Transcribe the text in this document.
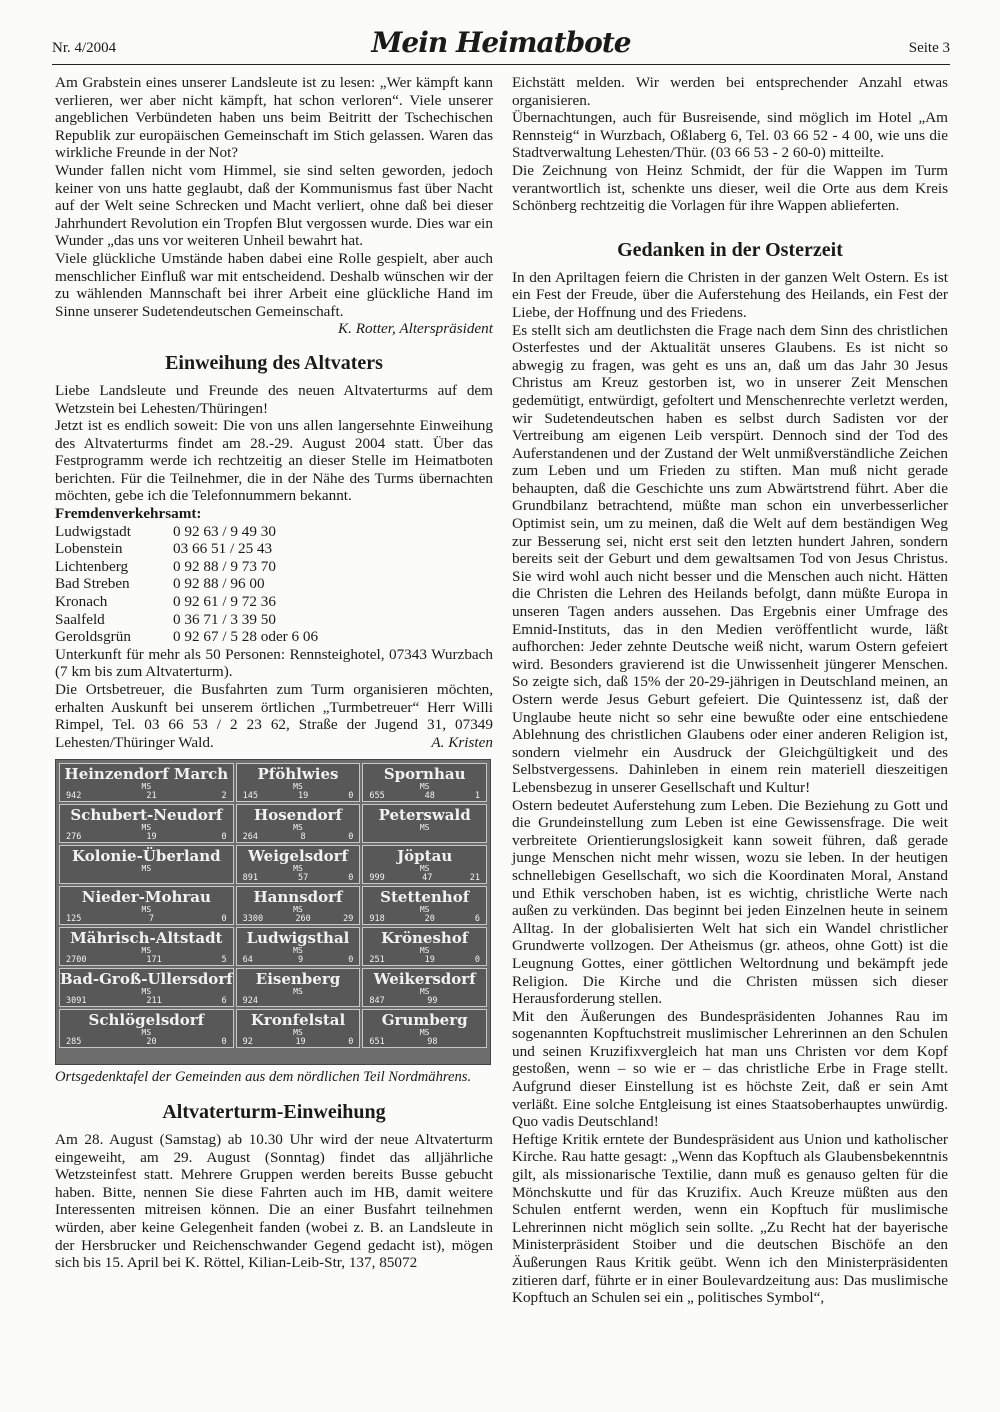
Nr. 4/2004	Mein Heimatbote	Seite 3

Am Grabstein eines unserer Landsleute ist zu lesen: „Wer kämpft kann verlieren, wer aber nicht kämpft, hat schon verloren“. Viele unserer angeblichen Verbündeten haben uns beim Beitritt der Tschechischen Republik zur europäischen Gemeinschaft im Stich gelassen. Waren das wirkliche Freunde in der Not?

Wunder fallen nicht vom Himmel, sie sind selten geworden, jedoch keiner von uns hatte geglaubt, daß der Kommunismus fast über Nacht auf der Welt seine Schrecken und Macht verliert, ohne daß bei dieser Jahrhundert Revolution ein Tropfen Blut vergossen wurde. Dies war ein Wunder „das uns vor weiteren Unheil bewahrt hat.

Viele glückliche Umstände haben dabei eine Rolle gespielt, aber auch menschlicher Einfluß war mit entscheidend. Deshalb wünschen wir der zu wählenden Mannschaft bei ihrer Arbeit eine glückliche Hand im Sinne unserer Sudetendeutschen Gemeinschaft.

K. Rotter, Alterspräsident

Einweihung des Altvaters

Liebe Landsleute und Freunde des neuen Altvaterturms auf dem Wetzstein bei Lehesten/Thüringen!

Jetzt ist es endlich soweit: Die von uns allen langersehnte Einweihung des Altvaterturms findet am 28.-29. August 2004 statt. Über das Festprogramm werde ich rechtzeitig an dieser Stelle im Heimatboten berichten. Für die Teilnehmer, die in der Nähe des Turms übernachten möchten, gebe ich die Telefonnummern bekannt.

Fremdenverkehrsamt:

Ludwigstadt	0 92 63 / 9 49 30
Lobenstein	03 66 51 / 25 43
Lichtenberg	0 92 88 / 9 73 70
Bad Streben	0 92 88 / 96 00
Kronach	0 92 61 / 9 72 36
Saalfeld	0 36 71 / 3 39 50
Geroldsgrün	0 92 67 / 5 28 oder 6 06

Unterkunft für mehr als 50 Personen: Rennsteighotel, 07343 Wurzbach (7 km bis zum Altvaterturm).

Die Ortsbetreuer, die Busfahrten zum Turm organisieren möchten, erhalten Auskunft bei unserem örtlichen „Turmbetreuer“ Herr Willi Rimpel, Tel. 03 66 53 / 2 23 62, Straße der Jugend 31, 07349 Lehesten/Thüringer Wald.	A. Kristen

Heinzendorf March
MS
942	21	2
Pföhlwies
MS
145	19	0
Spornhau
MS
655	48	1
Schubert-Neudorf
MS
276	19	0
Hosendorf
MS
264	8	0
Peterswald
MS
Kolonie-Überland
MS
Weigelsdorf
MS
891	57	0
Jöptau
MS
999	47	21
Nieder-Mohrau
MS
125	7	0
Hannsdorf
MS
3300	260	29
Stettenhof
MS
918	20	6
Mährisch-Altstadt
MS
2700	171	5
Ludwigsthal
MS
64	9	0
Kröneshof
MS
251	19	0
Bad-Groß-Ullersdorf
MS
3091	211	6
Eisenberg
MS
924
Weikersdorf
MS
847	99
Schlögelsdorf
MS
285	20	0
Kronfelstal
MS
92	19	0
Grumberg
MS
651	98

Ortsgedenktafel der Gemeinden aus dem nördlichen Teil Nordmährens.

Altvaterturm-Einweihung

Am 28. August (Samstag) ab 10.30 Uhr wird der neue Altvaterturm eingeweiht, am 29. August (Sonntag) findet das alljährliche Wetzsteinfest statt. Mehrere Gruppen werden bereits Busse gebucht haben. Bitte, nennen Sie diese Fahrten auch im HB, damit weitere Interessenten mitreisen können. Die an einer Busfahrt teilnehmen würden, aber keine Gelegenheit fanden (wobei z. B. an Landsleute in der Hersbrucker und Reichenschwander Gegend gedacht ist), mögen sich bis 15. April bei K. Röttel, Kilian-Leib-Str, 137, 85072

Eichstätt melden. Wir werden bei entsprechender Anzahl etwas organisieren.

Übernachtungen, auch für Busreisende, sind möglich im Hotel „Am Rennsteig“ in Wurzbach, Oßlaberg 6, Tel. 03 66 52 - 4 00, wie uns die Stadtverwaltung Lehesten/Thür. (03 66 53 - 2 60-0) mitteilte.

Die Zeichnung von Heinz Schmidt, der für die Wappen im Turm verantwortlich ist, schenkte uns dieser, weil die Orte aus dem Kreis Schönberg rechtzeitig die Vorlagen für ihre Wappen ablieferten.

Gedanken in der Osterzeit

In den Apriltagen feiern die Christen in der ganzen Welt Ostern. Es ist ein Fest der Freude, über die Auferstehung des Heilands, ein Fest der Liebe, der Hoffnung und des Friedens.

Es stellt sich am deutlichsten die Frage nach dem Sinn des christlichen Osterfestes und der Aktualität unseres Glaubens. Es ist nicht so abwegig zu fragen, was geht es uns an, daß um das Jahr 30 Jesus Christus am Kreuz gestorben ist, wo in unserer Zeit Menschen gedemütigt, entwürdigt, gefoltert und Menschenrechte verletzt werden, wir Sudetendeutschen haben es selbst durch Sadisten vor der Vertreibung am eigenen Leib verspürt. Dennoch sind der Tod des Auferstandenen und der Zustand der Welt unmißverständliche Zeichen zum Leben und um Frieden zu stiften. Man muß nicht gerade behaupten, daß die Geschichte uns zum Abwärtstrend führt. Aber die Grundbilanz betrachtend, müßte man schon ein unverbesserlicher Optimist sein, um zu meinen, daß die Welt auf dem beständigen Weg zur Besserung sei, nicht erst seit den letzten hundert Jahren, sondern bereits seit der Geburt und dem gewaltsamen Tod von Jesus Christus. Sie wird wohl auch nicht besser und die Menschen auch nicht. Hätten die Christen die Lehren des Heilands befolgt, dann müßte Europa in unseren Tagen anders aussehen. Das Ergebnis einer Umfrage des Emnid-Instituts, das in den Medien veröffentlicht wurde, läßt aufhorchen: Jeder zehnte Deutsche weiß nicht, warum Ostern gefeiert wird. Besonders gravierend ist die Unwissenheit jüngerer Menschen. So zeigte sich, daß 15% der 20-29-jährigen in Deutschland meinen, an Ostern werde Jesus Geburt gefeiert. Die Quintessenz ist, daß der Unglaube heute nicht so sehr eine bewußte oder eine entschiedene Ablehnung des christlichen Glaubens oder einer anderen Religion ist, sondern vielmehr ein Ausdruck der Gleichgültigkeit und des Selbstvergessens. Dahinleben in einem rein materiell dieszeitigen Lebensbezug in unserer Gesellschaft und Kultur!

Ostern bedeutet Auferstehung zum Leben. Die Beziehung zu Gott und die Grundeinstellung zum Leben ist eine Gewissensfrage. Die weit verbreitete Orientierungslosigkeit kann soweit führen, daß gerade junge Menschen nicht mehr wissen, wozu sie leben. In der heutigen schnellebigen Gesellschaft, wo sich die Koordinaten Moral, Anstand und Ethik verschoben haben, ist es wichtig, christliche Werte nach außen zu verkünden. Das beginnt bei jeden Einzelnen heute in seinem Alltag. In der globalisierten Welt hat sich ein Wandel christlicher Grundwerte vollzogen. Der Atheismus (gr. atheos, ohne Gott) ist die Leugnung Gottes, einer göttlichen Weltordnung und bekämpft jede Religion. Die Kirche und die Christen müssen sich dieser Herausforderung stellen.

Mit den Äußerungen des Bundespräsidenten Johannes Rau im sogenannten Kopftuchstreit muslimischer Lehrerinnen an den Schulen und seinen Kruzifixvergleich hat man uns Christen vor dem Kopf gestoßen, wenn – so wie er – das christliche Erbe in Frage stellt. Aufgrund dieser Einstellung ist es höchste Zeit, daß er sein Amt verläßt. Eine solche Entgleisung ist eines Staatsoberhauptes unwürdig. Quo vadis Deutschland!

Heftige Kritik erntete der Bundespräsident aus Union und katholischer Kirche. Rau hatte gesagt: „Wenn das Kopftuch als Glaubensbekenntnis gilt, als missionarische Textilie, dann muß es genauso gelten für die Mönchskutte und für das Kruzifix. Auch Kreuze müßten aus den Schulen entfernt werden, wenn ein Kopftuch für muslimische Lehrerinnen nicht möglich sein sollte. „Zu Recht hat der bayerische Ministerpräsident Stoiber und die deutschen Bischöfe an den Äußerungen Raus Kritik geübt. Wenn ich den Ministerpräsidenten zitieren darf, führte er in einer Boulevardzeitung aus: Das muslimische Kopftuch an Schulen sei ein „ politisches Symbol“,
